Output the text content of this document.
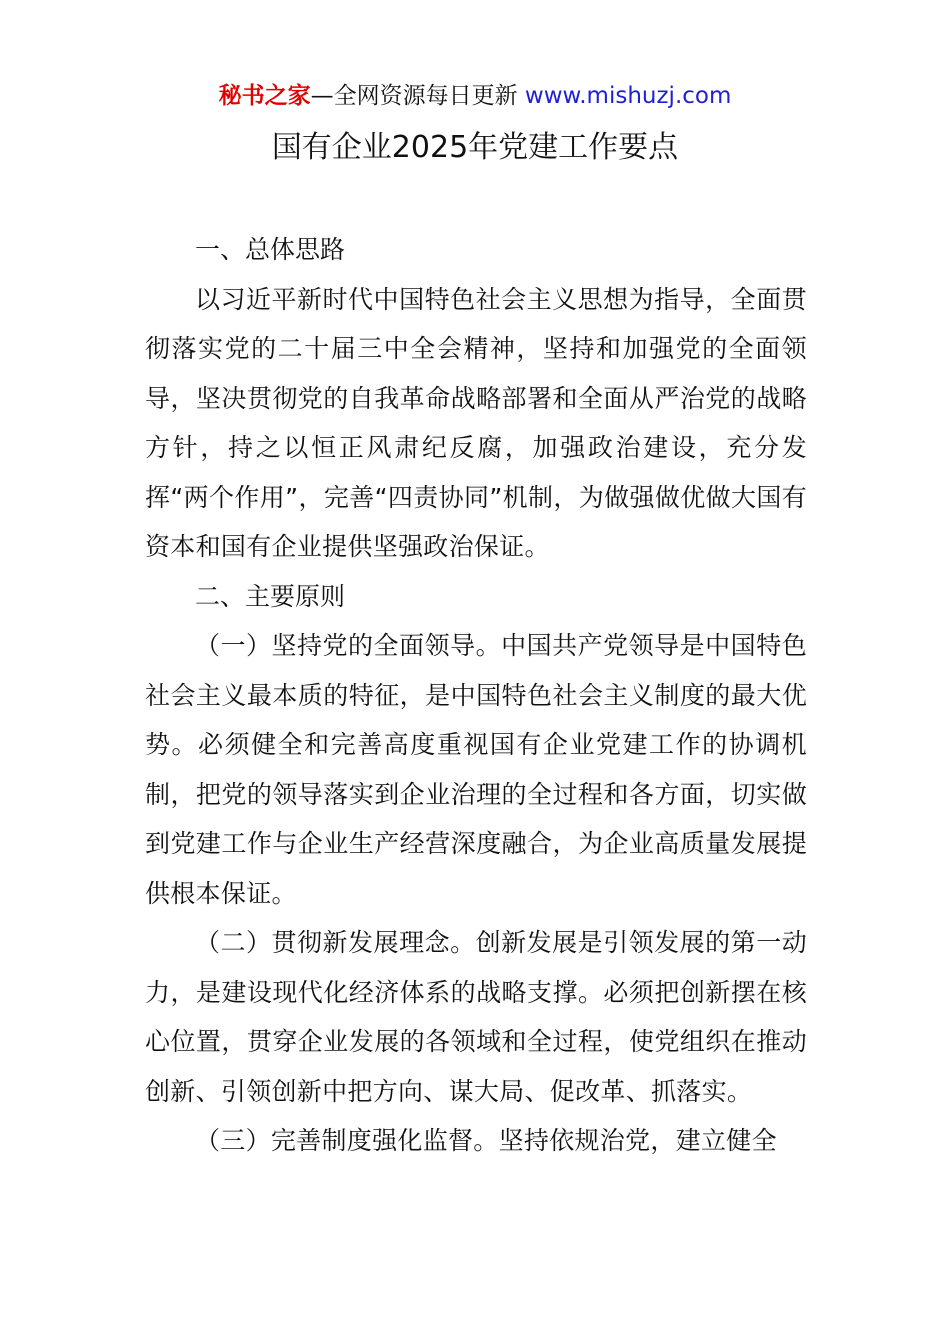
秘书之家—全网资源每日更新 www.mishuzj.com
国有企业2025年党建工作要点

一、总体思路

以习近平新时代中国特色社会主义思想为指导，全面贯彻落实党的二十届三中全会精神，坚持和加强党的全面领导，坚决贯彻党的自我革命战略部署和全面从严治党的战略方针，持之以恒正风肃纪反腐，加强政治建设，充分发挥“两个作用”，完善“四责协同”机制，为做强做优做大国有资本和国有企业提供坚强政治保证。

二、主要原则

（一）坚持党的全面领导。中国共产党领导是中国特色社会主义最本质的特征，是中国特色社会主义制度的最大优势。必须健全和完善高度重视国有企业党建工作的协调机制，把党的领导落实到企业治理的全过程和各方面，切实做到党建工作与企业生产经营深度融合，为企业高质量发展提供根本保证。

（二）贯彻新发展理念。创新发展是引领发展的第一动力，是建设现代化经济体系的战略支撑。必须把创新摆在核心位置，贯穿企业发展的各领域和全过程，使党组织在推动创新、引领创新中把方向、谋大局、促改革、抓落实。

（三）完善制度强化监督。坚持依规治党，建立健全
